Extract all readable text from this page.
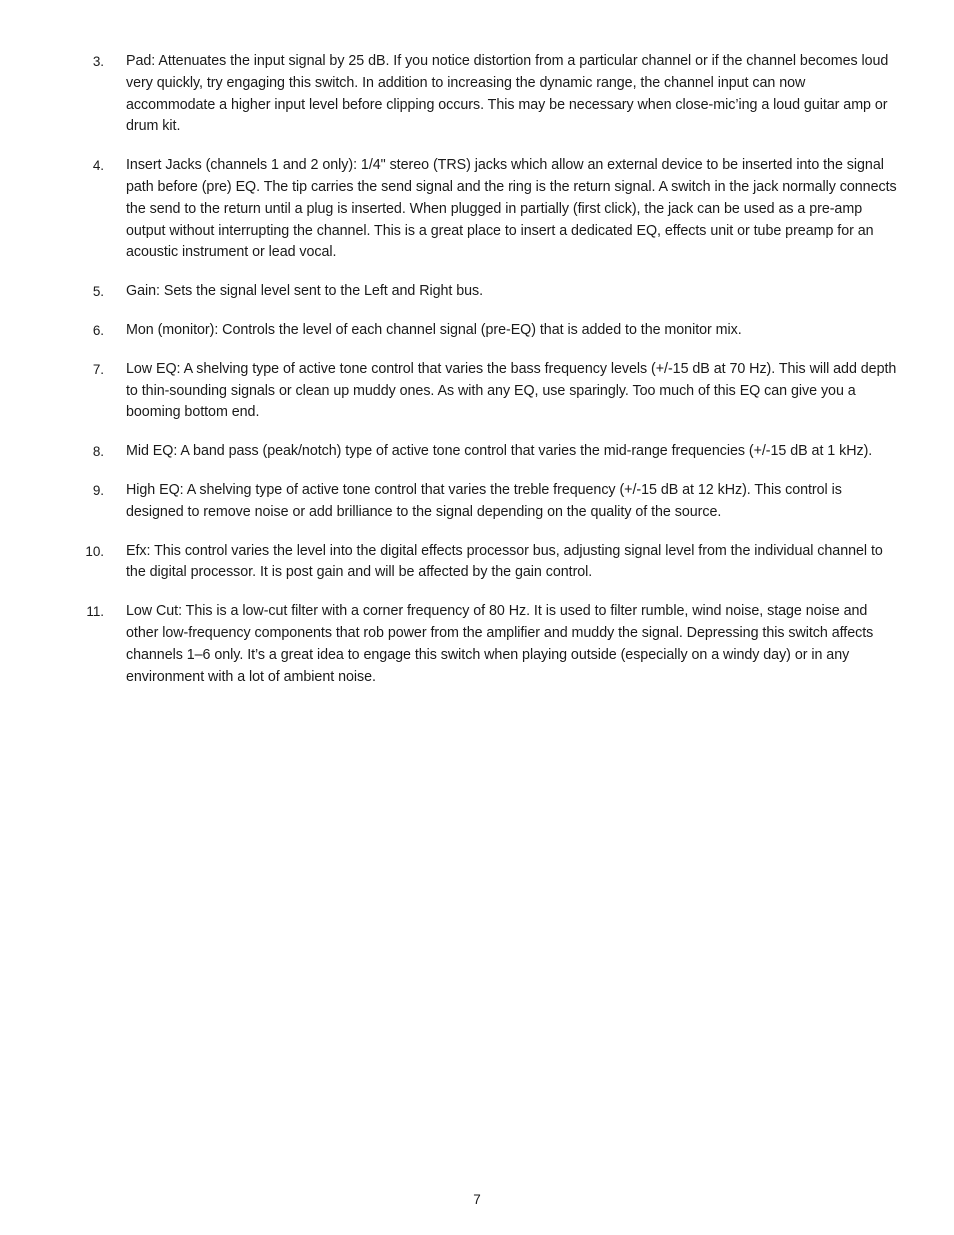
3. Pad: Attenuates the input signal by 25 dB. If you notice distortion from a particular channel or if the channel becomes loud very quickly, try engaging this switch. In addition to increasing the dynamic range, the channel input can now accommodate a higher input level before clipping occurs. This may be necessary when close-mic’ing a loud guitar amp or drum kit.
4. Insert Jacks (channels 1 and 2 only): 1/4" stereo (TRS) jacks which allow an external device to be inserted into the signal path before (pre) EQ. The tip carries the send signal and the ring is the return signal. A switch in the jack normally connects the send to the return until a plug is inserted. When plugged in partially (first click), the jack can be used as a pre-amp output without interrupting the channel. This is a great place to insert a dedicated EQ, effects unit or tube preamp for an acoustic instrument or lead vocal.
5. Gain: Sets the signal level sent to the Left and Right bus.
6. Mon (monitor): Controls the level of each channel signal (pre-EQ) that is added to the monitor mix.
7. Low EQ: A shelving type of active tone control that varies the bass frequency levels (+/-15 dB at 70 Hz). This will add depth to thin-sounding signals or clean up muddy ones. As with any EQ, use sparingly. Too much of this EQ can give you a booming bottom end.
8. Mid EQ: A band pass (peak/notch) type of active tone control that varies the mid-range frequencies (+/-15 dB at 1 kHz).
9. High EQ: A shelving type of active tone control that varies the treble frequency (+/-15 dB at 12 kHz). This control is designed to remove noise or add brilliance to the signal depending on the quality of the source.
10. Efx: This control varies the level into the digital effects processor bus, adjusting signal level from the individual channel to the digital processor. It is post gain and will be affected by the gain control.
11. Low Cut: This is a low-cut filter with a corner frequency of 80 Hz. It is used to filter rumble, wind noise, stage noise and other low-frequency components that rob power from the amplifier and muddy the signal. Depressing this switch affects channels 1–6 only. It’s a great idea to engage this switch when playing outside (especially on a windy day) or in any environment with a lot of ambient noise.
7
